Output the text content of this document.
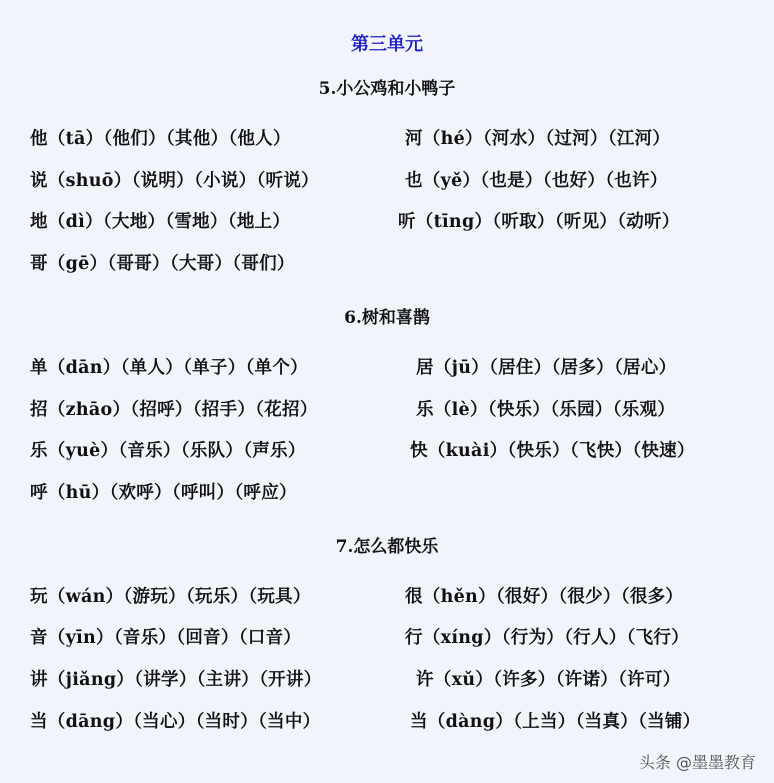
第三单元
5.小公鸡和小鸭子
他（tā）（他们）（其他）（他人）	河（hé）（河水）（过河）（江河）
说（shuō）（说明）（小说）（听说）	也（yě）（也是）（也好）（也许）
地（dì）（大地）（雪地）（地上）	听（tīng）（听取）（听见）（动听）
哥（gē）（哥哥）（大哥）（哥们）
6.树和喜鹊
单（dān）（单人）（单子）（单个）	居（jū）（居住）（居多）（居心）
招（zhāo）（招呼）（招手）（花招）	乐（lè）（快乐）（乐园）（乐观）
乐（yuè）（音乐）（乐队）（声乐）	快（kuài）（快乐）（飞快）（快速）
呼（hū）（欢呼）（呼叫）（呼应）
7.怎么都快乐
玩（wán）（游玩）（玩乐）（玩具）	很（hěn）（很好）（很少）（很多）
音（yīn）（音乐）（回音）（口音）	行（xíng）（行为）（行人）（飞行）
讲（jiǎng）（讲学）（主讲）（开讲）	许（xǔ）（许多）（许诺）（许可）
当（dāng）（当心）（当时）（当中）	当（dàng）（上当）（当真）（当铺）
头条 @墨墨教育
